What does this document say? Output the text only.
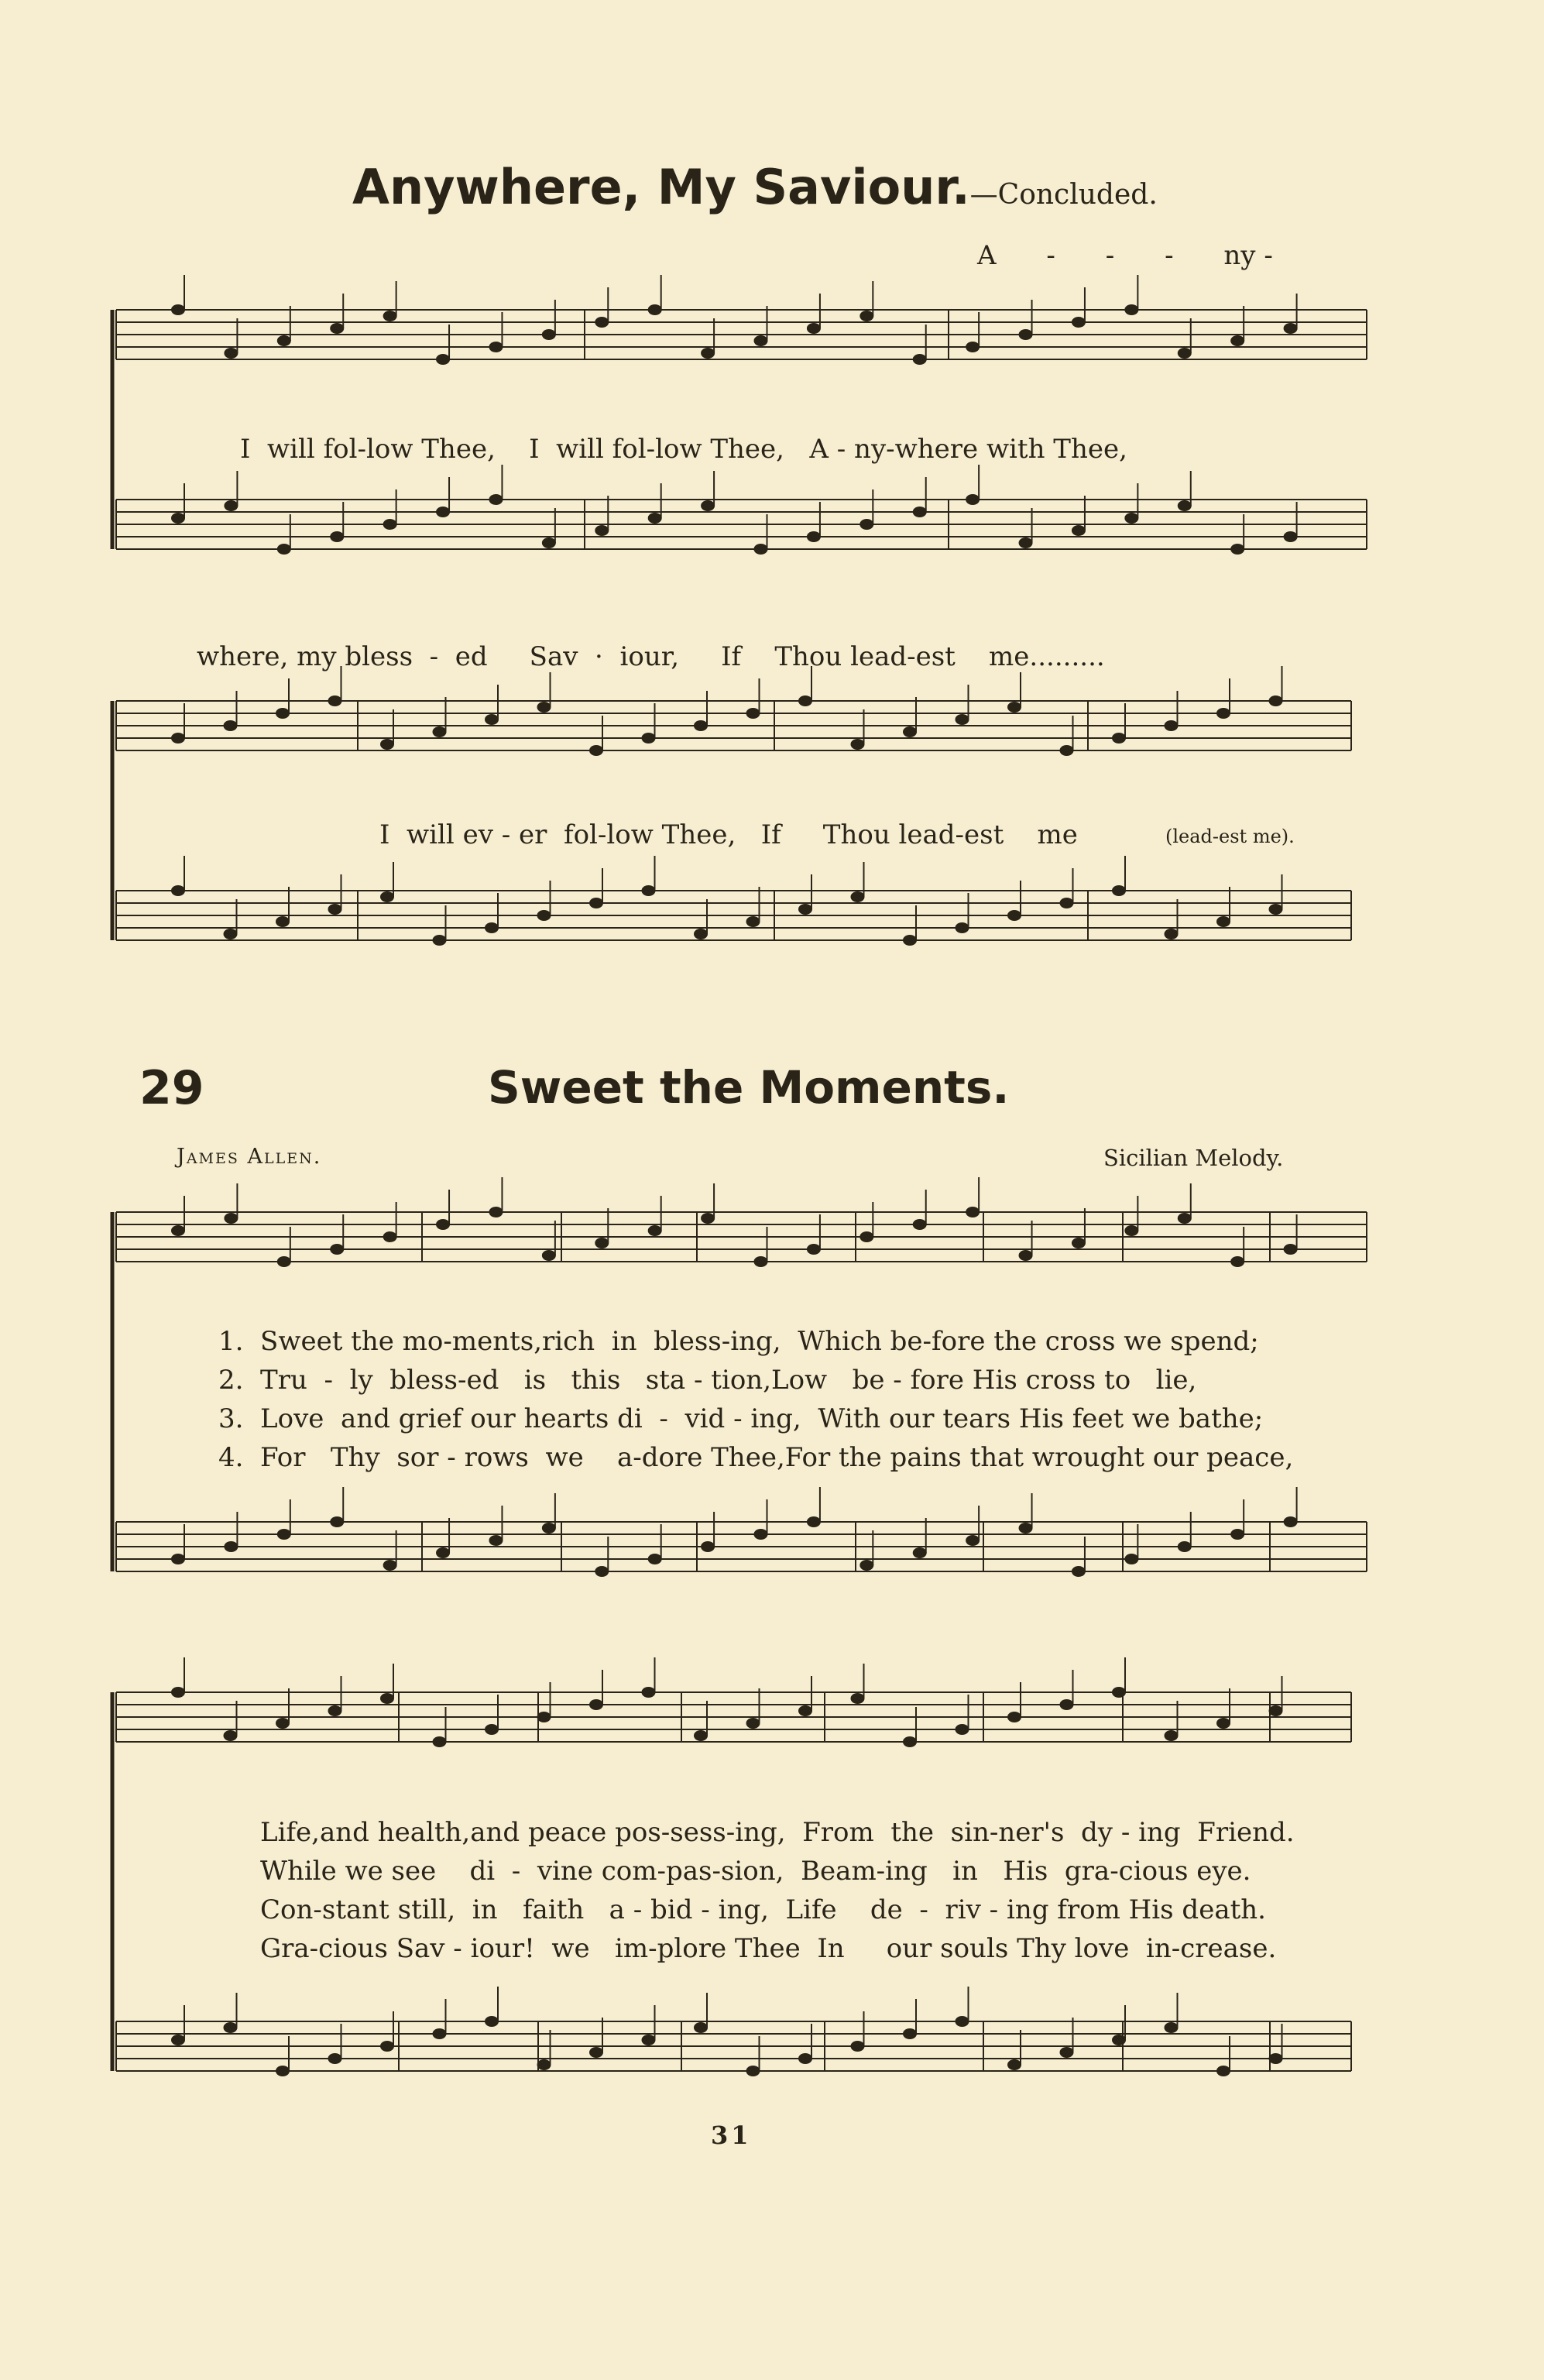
Anywhere, My Saviour.—Concluded.
A      -      -      -      ny -
I  will fol-low Thee,    I  will fol-low Thee,   A - ny-where with Thee,
where, my bless  -  ed     Sav  ·  iour,     If    Thou lead-est    me.........
I  will ev - er  fol-low Thee,   If     Thou lead-est    me	(lead-est me).
29	Sweet the Moments.
James Allen.	Sicilian Melody.
1.  Sweet the mo-ments,rich  in  bless-ing,  Which be-fore the cross we spend;
2.  Tru  -  ly  bless-ed   is   this   sta - tion,Low   be - fore His cross to   lie,
3.  Love  and grief our hearts di  -  vid - ing,  With our tears His feet we bathe;
4.  For   Thy  sor - rows  we    a-dore Thee,For the pains that wrought our peace,
Life,and health,and peace pos-sess-ing,  From  the  sin-ner's  dy - ing  Friend.
While we see    di  -  vine com-pas-sion,  Beam-ing   in   His  gra-cious eye.
Con-stant still,  in   faith   a - bid - ing,  Life    de  -  riv - ing from His death.
Gra-cious Sav - iour!  we   im-plore Thee  In     our souls Thy love  in-crease.
31
